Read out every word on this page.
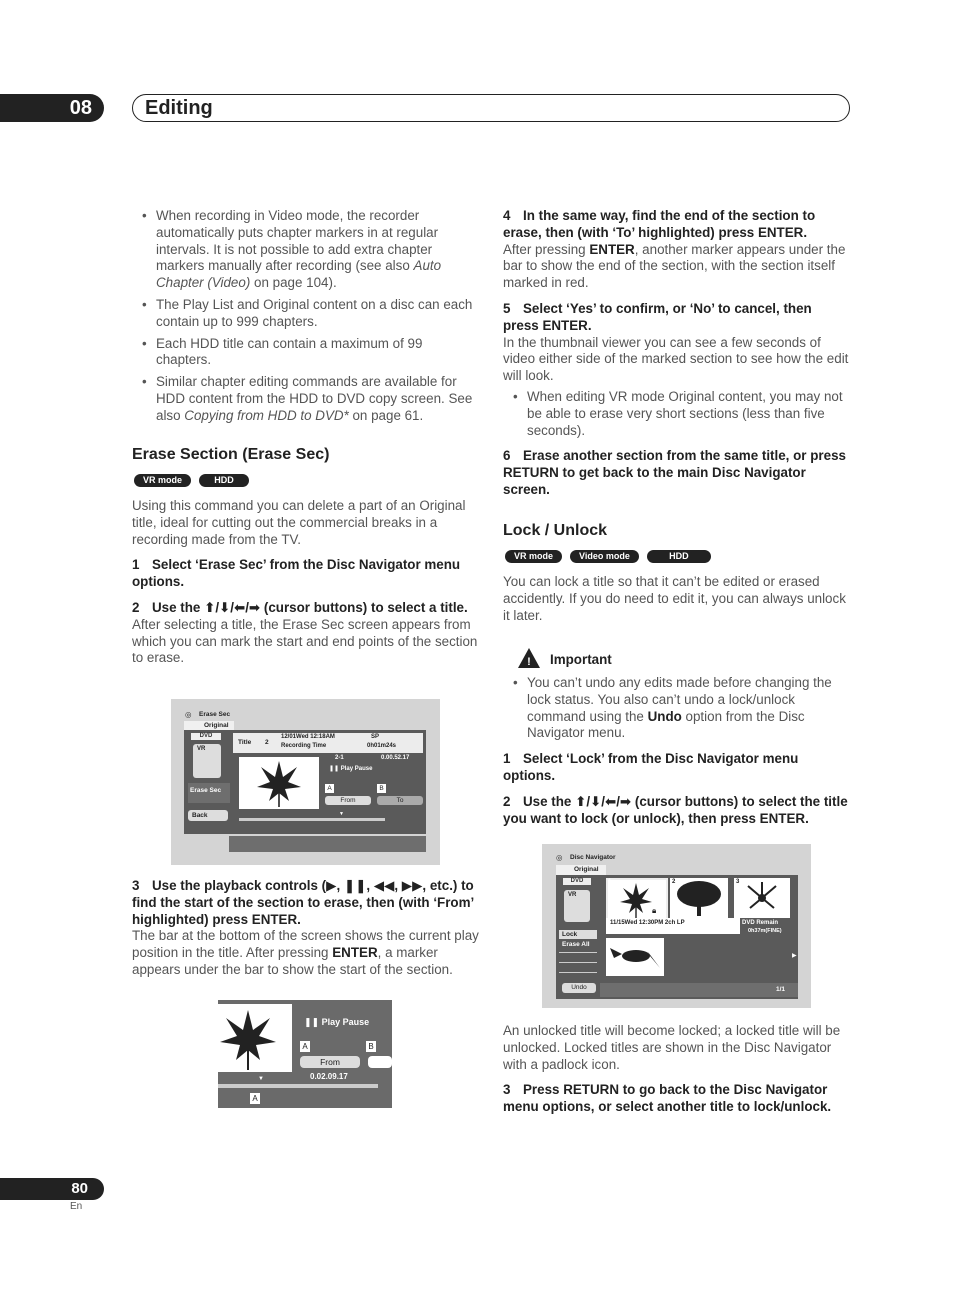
08	Editing
• When recording in Video mode, the recorder automatically puts chapter markers in at regular intervals. It is not possible to add extra chapter markers manually after recording (see also Auto Chapter (Video) on page 104).
• The Play List and Original content on a disc can each contain up to 999 chapters.
• Each HDD title can contain a maximum of 99 chapters.
• Similar chapter editing commands are available for HDD content from the HDD to DVD copy screen. See also Copying from HDD to DVD* on page 61.
Erase Section (Erase Sec)
VR mode	HDD

Using this command you can delete a part of an Original title, ideal for cutting out the commercial breaks in a recording made from the TV.

1 Select ‘Erase Sec’ from the Disc Navigator menu options.

2 Use the ⬆/⬇/⬅/➡ (cursor buttons) to select a title.

After selecting a title, the Erase Sec screen appears from which you can mark the start and end points of the section to erase.

◎ Erase Sec
Original
DVD
VR
Erase Sec
Back
Title 2
12/01Wed 12:18AM	SP
Recording Time	0h01m24s
2-1	0.00.52.17
❚❚ Play Pause
A	B
From	To
▼

3 Use the playback controls (▶, ❚❚, ◀◀, ▶▶, etc.) to find the start of the section to erase, then (with ‘From’ highlighted) press ENTER.

The bar at the bottom of the screen shows the current play position in the title. After pressing ENTER, a marker appears under the bar to show the start of the section.

❚❚ Play Pause
A	B
From
0.02.09.17
▼
A

4 In the same way, find the end of the section to erase, then (with ‘To’ highlighted) press ENTER.

After pressing ENTER, another marker appears under the bar to show the end of the section, with the section itself marked in red.

5 Select ‘Yes’ to confirm, or ‘No’ to cancel, then press ENTER.

In the thumbnail viewer you can see a few seconds of video either side of the marked section to see how the edit will look.

• When editing VR mode Original content, you may not be able to erase very short sections (less than five seconds).

6 Erase another section from the same title, or press RETURN to get back to the main Disc Navigator screen.

Lock / Unlock
VR mode	Video mode	HDD

You can lock a title so that it can’t be edited or erased accidently. If you do need to edit it, you can always unlock it later.

! Important
• You can’t undo any edits made before changing the lock status. You also can’t undo a lock/unlock command using the Undo option from the Disc Navigator menu.

1 Select ‘Lock’ from the Disc Navigator menu options.

2 Use the ⬆/⬇/⬅/➡ (cursor buttons) to select the title you want to lock (or unlock), then press ENTER.

◎ Disc Navigator
Original
DVD
VR
Lock
Erase All
Undo	1/1
1
🔒︎
2	3
11/15Wed 12:30PM 2ch LP	DVD Remain
0h37m(FINE)
4
▶

An unlocked title will become locked; a locked title will be unlocked. Locked titles are shown in the Disc Navigator with a padlock icon.

3 Press RETURN to go back to the Disc Navigator menu options, or select another title to lock/unlock.

80
En
